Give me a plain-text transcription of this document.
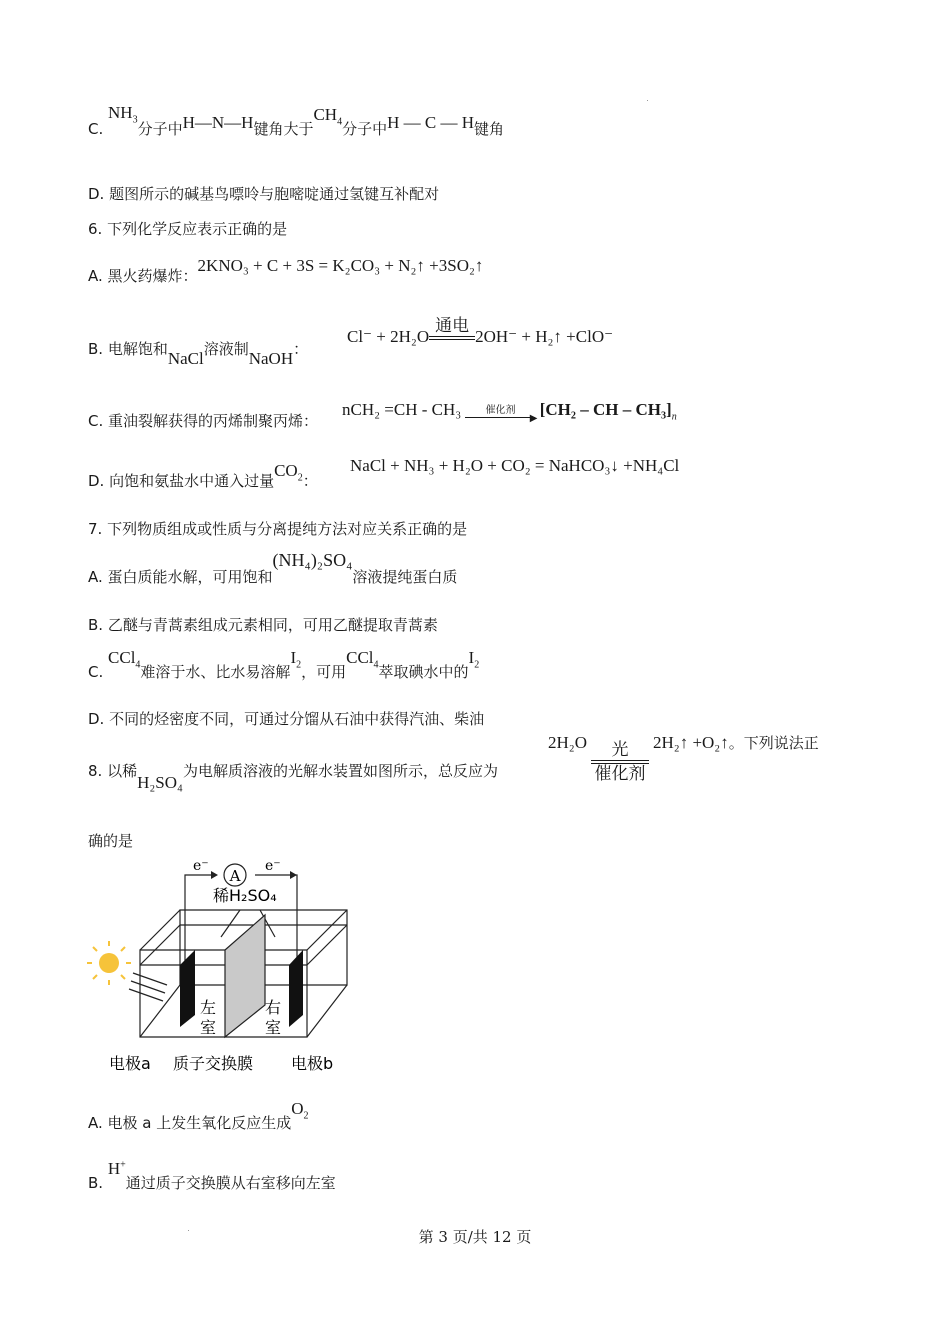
C. $NH_3$分子中H—N—H键角大于$CH_4$分子中H — C — H键角
D. 题图所示的碱基鸟嘌呤与胞嘧啶通过氢键互补配对
6. 下列化学反应表示正确的是
A. 黑火药爆炸：2KNO₃ + C + 3S = K₂CO₃ + N₂↑ +3SO₂↑
B. 电解饱和NaCl溶液制NaOH：
Cl⁻ + 2H₂O
通电
2OH⁻ + H₂↑ +ClO⁻
C. 重油裂解获得的丙烯制聚丙烯：
nCH₂ =CH - CH₃	催化剂
▶ [CH₂ – CH – $CH_3]_n$
D. 向饱和氨盐水中通入过量$CO_2$：
NaCl + NH₃ + H₂O + CO₂ = NaHCO₃↓ +NH₄Cl
7. 下列物质组成或性质与分离提纯方法对应关系正确的是
A. 蛋白质能水解，可用饱和(NH₄)₂SO₄溶液提纯蛋白质
B. 乙醚与青蒿素组成元素相同，可用乙醚提取青蒿素
C. CCl$_4$难溶于水、比水易溶解$I_2$，可用CCl$_4$萃取碘水中的$I_2$
D. 不同的烃密度不同，可通过分馏从石油中获得汽油、柴油
8. 以稀H₂SO₄为电解质溶液的光解水装置如图所示，总反应为
2H₂O	光
催化剂
2H₂↑ +O₂↑。下列说法正
确的是
A
e⁻	e⁻
稀H₂SO₄
左
室
右
室
电极a 质子交换膜 电极b
A. 电极 a 上发生氧化反应生成$O_2$
B. H+通过质子交换膜从右室移向左室
第 3 页/共 12 页
